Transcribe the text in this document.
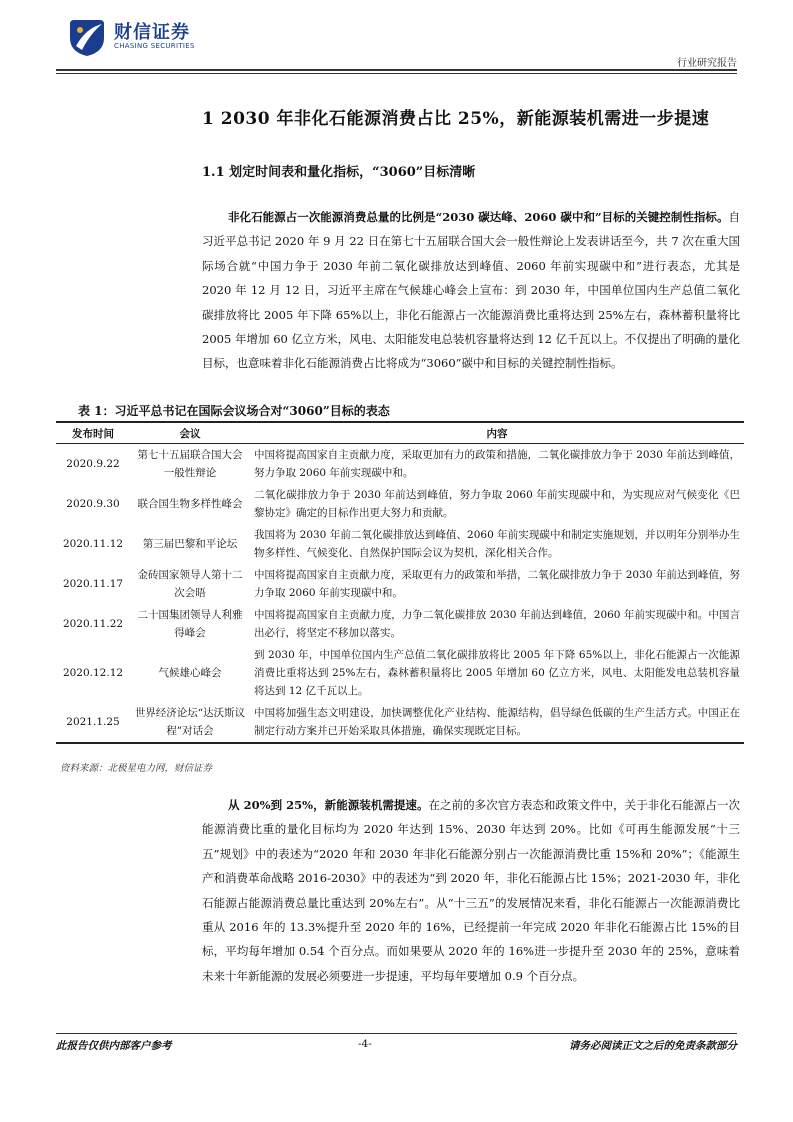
财信证券
CHASING SECURITIES
行业研究报告
1 2030 年非化石能源消费占比 25%，新能源装机需进一步提速
1.1 划定时间表和量化指标，“3060”目标清晰
非化石能源占一次能源消费总量的比例是“2030 碳达峰、2060 碳中和”目标的关键控制性指标。自习近平总书记 2020 年 9 月 22 日在第七十五届联合国大会一般性辩论上发表讲话至今，共 7 次在重大国际场合就“中国力争于 2030 年前二氧化碳排放达到峰值、2060 年前实现碳中和”进行表态，尤其是 2020 年 12 月 12 日，习近平主席在气候雄心峰会上宣布：到 2030 年，中国单位国内生产总值二氧化碳排放将比 2005 年下降 65%以上，非化石能源占一次能源消费比重将达到 25%左右，森林蓄积量将比 2005 年增加 60 亿立方米，风电、太阳能发电总装机容量将达到 12 亿千瓦以上。不仅提出了明确的量化目标，也意味着非化石能源消费占比将成为“3060”碳中和目标的关键控制性指标。
表 1：习近平总书记在国际会议场合对“3060”目标的表态
发布时间	会议	内容
2020.9.22	第七十五届联合国大会一般性辩论	中国将提高国家自主贡献力度，采取更加有力的政策和措施，二氧化碳排放力争于 2030 年前达到峰值，努力争取 2060 年前实现碳中和。
2020.9.30	联合国生物多样性峰会	二氧化碳排放力争于 2030 年前达到峰值，努力争取 2060 年前实现碳中和，为实现应对气候变化《巴黎协定》确定的目标作出更大努力和贡献。
2020.11.12	第三届巴黎和平论坛	我国将为 2030 年前二氧化碳排放达到峰值、2060 年前实现碳中和制定实施规划，并以明年分别举办生物多样性、气候变化、自然保护国际会议为契机，深化相关合作。
2020.11.17	金砖国家领导人第十二次会晤	中国将提高国家自主贡献力度，采取更有力的政策和举措，二氧化碳排放力争于 2030 年前达到峰值，努力争取 2060 年前实现碳中和。
2020.11.22	二十国集团领导人利雅得峰会	中国将提高国家自主贡献力度，力争二氧化碳排放 2030 年前达到峰值，2060 年前实现碳中和。中国言出必行，将坚定不移加以落实。
2020.12.12	气候雄心峰会	到 2030 年，中国单位国内生产总值二氧化碳排放将比 2005 年下降 65%以上，非化石能源占一次能源消费比重将达到 25%左右，森林蓄积量将比 2005 年增加 60 亿立方米，风电、太阳能发电总装机容量将达到 12 亿千瓦以上。
2021.1.25	世界经济论坛“达沃斯议程”对话会	中国将加强生态文明建设，加快调整优化产业结构、能源结构，倡导绿色低碳的生产生活方式。中国正在制定行动方案并已开始采取具体措施，确保实现既定目标。
资料来源：北极星电力网，财信证券
从 20%到 25%，新能源装机需提速。在之前的多次官方表态和政策文件中，关于非化石能源占一次能源消费比重的量化目标均为 2020 年达到 15%、2030 年达到 20%。比如《可再生能源发展“十三五”规划》中的表述为“2020 年和 2030 年非化石能源分别占一次能源消费比重 15%和 20%”；《能源生产和消费革命战略 2016-2030》中的表述为“到 2020 年，非化石能源占比 15%；2021-2030 年，非化石能源占能源消费总量比重达到 20%左右”。从“十三五”的发展情况来看，非化石能源占一次能源消费比重从 2016 年的 13.3%提升至 2020 年的 16%，已经提前一年完成 2020 年非化石能源占比 15%的目标，平均每年增加 0.54 个百分点。而如果要从 2020 年的 16%进一步提升至 2030 年的 25%，意味着未来十年新能源的发展必须要进一步提速，平均每年要增加 0.9 个百分点。
此报告仅供内部客户参考	-4-	请务必阅读正文之后的免责条款部分
